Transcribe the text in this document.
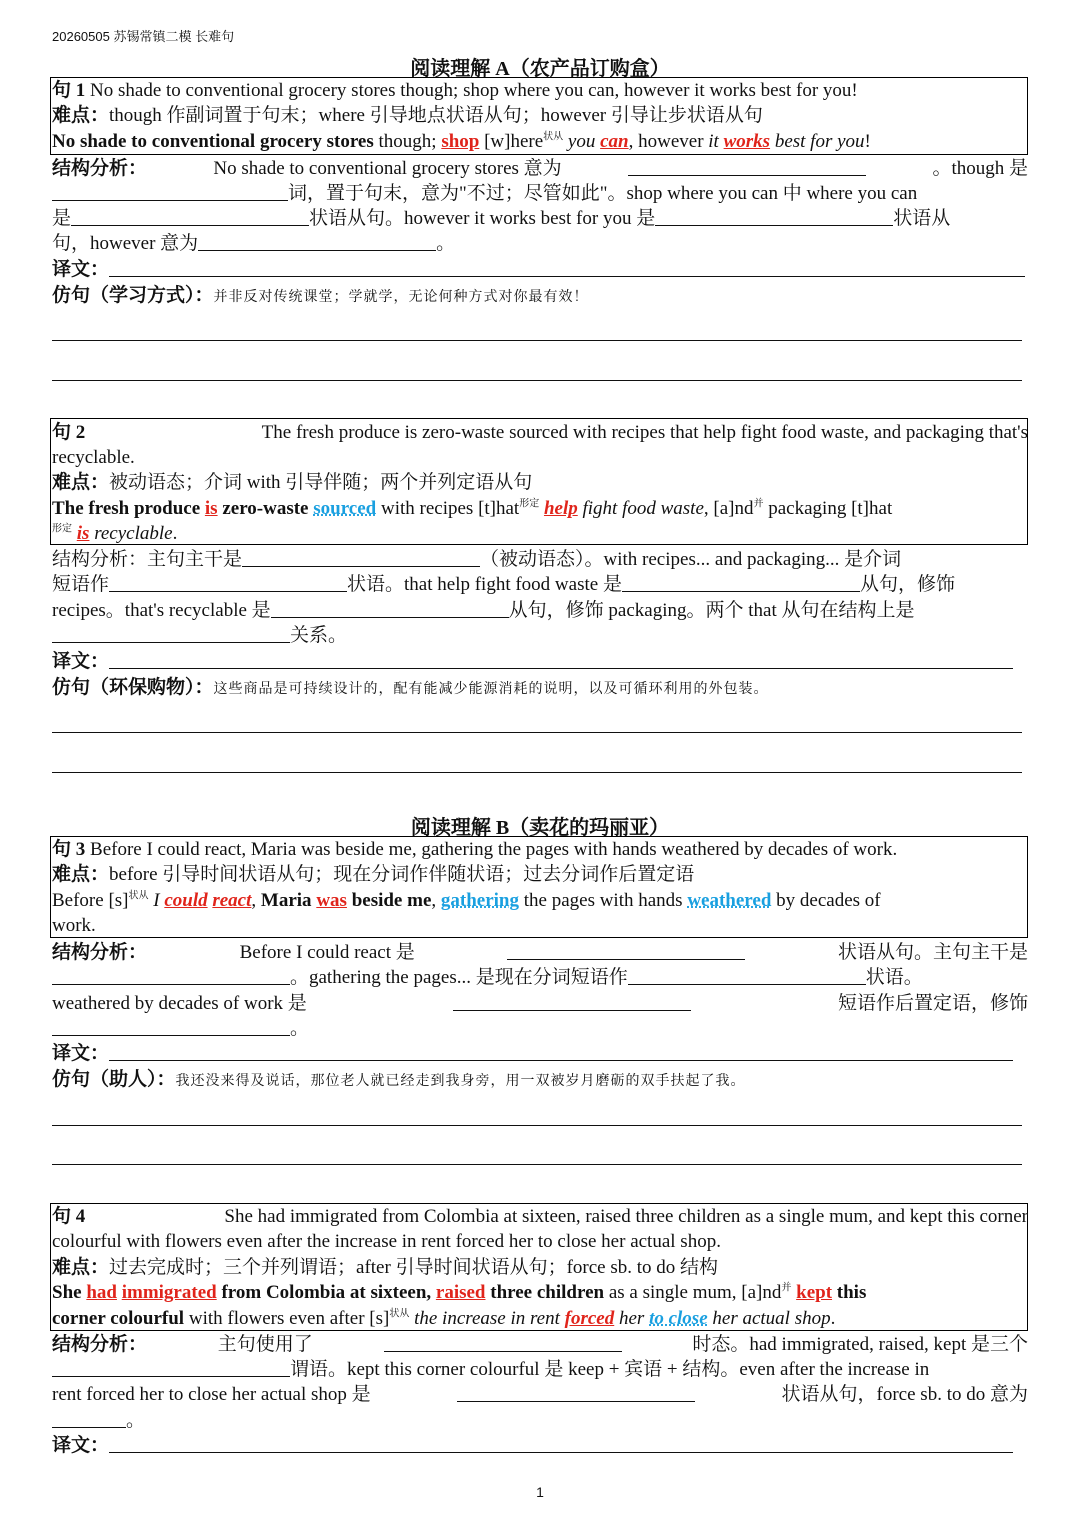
20260505 苏锡常镇二模 长难句
阅读理解 A（农产品订购盒）
句 1 No shade to conventional grocery stores though; shop where you can, however it works best for you!
难点：though 作副词置于句末；where 引导地点状语从句；however 引导让步状语从句
No shade to conventional grocery stores though; shop [w]here$^{状从}$ you can, however it works best for you!
结构分析：	No shade to conventional grocery stores 意为	。though 是
词，置于句末，意为"不过；尽管如此"。shop where you can 中 where you can
是	状语从句。however it works best for you 是	状语从
句，however 意为	。
译文：
仿句（学习方式）：并非反对传统课堂；学就学，无论何种方式对你最有效！
句 2	The fresh produce is zero-waste sourced with recipes that help fight food waste, and packaging that's
recyclable.
难点：被动语态；介词 with 引导伴随；两个并列定语从句
The fresh produce is zero-waste sourced with recipes [t]hat$^{形定}$ help fight food waste, $[a]nd^并$ packaging [t]hat
$^{形定}$ is recyclable.
结构分析：主句主干是	（被动语态）。with recipes... and packaging... 是介词
短语作	状语。that help fight food waste 是	从句，修饰
recipes。that's recyclable 是	从句，修饰 packaging。两个 that 从句在结构上是
关系。
译文：
仿句（环保购物）：这些商品是可持续设计的，配有能减少能源消耗的说明，以及可循环利用的外包装。
阅读理解 B（卖花的玛丽亚）
句 3 Before I could react, Maria was beside me, gathering the pages with hands weathered by decades of work.
难点：before 引导时间状语从句；现在分词作伴随状语；过去分词作后置定语
Before $[s]^{状从}$ I could react, Maria was beside me, gathering the pages with hands weathered by decades of
work.
结构分析：	Before I could react 是	状语从句。主句主干是
。gathering the pages... 是现在分词短语作	状语。
weathered by decades of work 是	短语作后置定语，修饰
。
译文：
仿句（助人）：我还没来得及说话，那位老人就已经走到我身旁，用一双被岁月磨砺的双手扶起了我。
句 4	She had immigrated from Colombia at sixteen, raised three children as a single mum, and kept this corner
colourful with flowers even after the increase in rent forced her to close her actual shop.
难点：过去完成时；三个并列谓语；after 引导时间状语从句；force sb. to do 结构
She had immigrated from Colombia at sixteen, raised three children as a single mum, $[a]nd^并$ kept this
corner colourful with flowers even after $[s]^{状从}$ the increase in rent forced her to close her actual shop.
结构分析：	主句使用了	时态。had immigrated, raised, kept 是三个
谓语。kept this corner colourful 是 keep + 宾语 + 结构。even after the increase in
rent forced her to close her actual shop 是	状语从句，force sb. to do 意为
。
译文：
1
